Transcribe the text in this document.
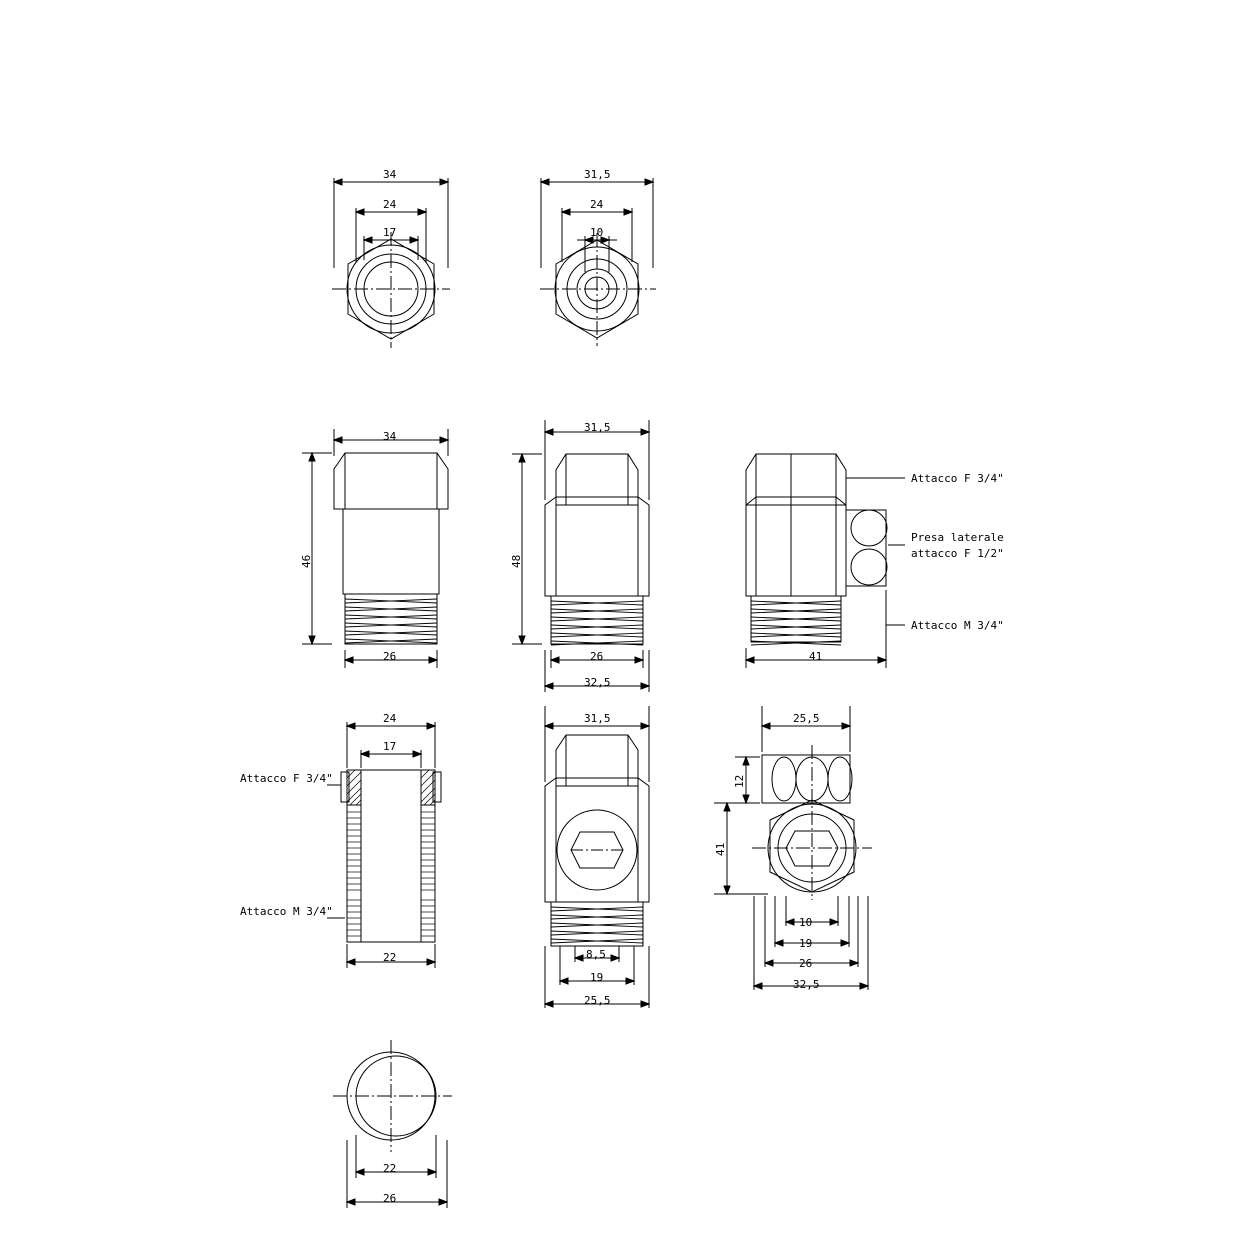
Attacco F 3/4"
Presa laterale
attacco F 1/2"
Attacco M 3/4"
Attacco F 3/4"
Attacco M 3/4"
34
24
17
31,5
24
10
34
46
26
31,5
48
26
32,5
41
24
17
22
31,5
8,5
19
25,5
25,5
12
41
10
19
26
32,5
22
26
